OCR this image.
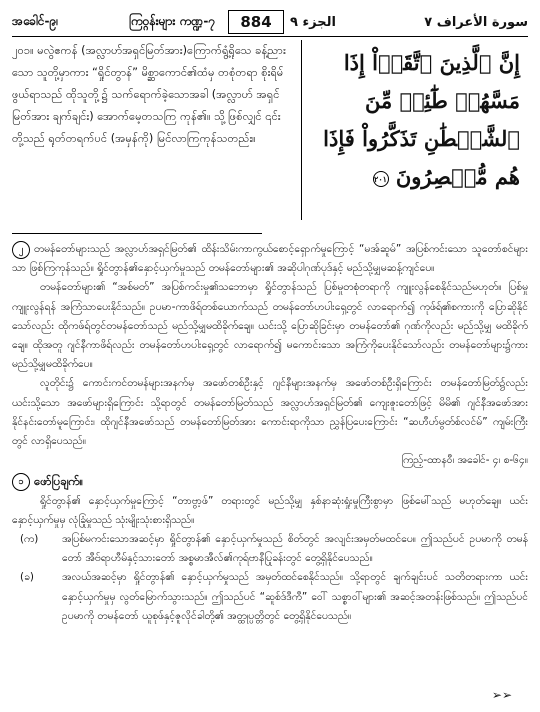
အခေါင်-၉၊	ကြဝ္ဂန်းများ ကဏ္ဍ-၇	884	سورة الأعراف ٧
الجزء ٩

၂၀၁။ မလွဲဧကန် (အလ္လာဟ်အရှင်မြတ်အား)ကြောက်ရွံ့ရိုသေ ခန့်ညားသော သူတို့မှာကား “ရှိုင်တွာန်” မိစ္ဆာကောင်၏ထံမှ တစုံတရာ စိုးရိမ်ဖွယ်ရာသည် ထိုသူတို့၌ သက်ရောက်ခဲ့သောအခါ (အလ္လာဟ် အရှင်မြတ်အား ချက်ချင်း) အောက်မေ့တသကြ ကုန်၏။ သို့ဖြစ်လျှင် ၎င်းတို့သည် ရုတ်တရက်ပင် (အမှန်ကို) မြင်လာကြကုန်သတည်း။

إِنَّ ٱلَّذِينَ ٱتَّقَوۡاْ إِذَا مَسَّهُمۡ طَٰٓئِفٞ مِّنَ ٱلشَّيۡطَٰنِ تَذَكَّرُواْ فَإِذَا هُم مُّبۡصِرُونَ ٢٠١

၂ တမန်တော်များသည် အလ္လာဟ်အရှင်မြတ်၏ ထိန်းသိမ်းကာကွယ်စောင့်ရှောက်မှုကြောင့် “မအ်ဆူမ်” အပြစ်ကင်းသော သူတော်စင်များသာ ဖြစ်ကြကုန်သည်။ ရှိုင်တွာန်၏နှောင့်ယှက်မှုသည် တမန်တော်များ၏ အဆိုပါဂုဏ်ပုဒ်နှင့် မည်သို့မျှမဆန့်ကျင်ပေ။

တမန်တော်များ၏ “အစ်မတ်” အပြစ်ကင်းမှု၏သဘောမှာ ရှိုင်တွာန်သည် ပြစ်မှုတစုံတရာကို ကျူးလွန်စေနိုင်သည်မဟုတ်။ ပြစ်မှုကျူးလွန်ရန် အကြံသာပေးနိုင်သည်။ ဥပမာ-ကာဖိရ်တစ်ယောက်သည် တမန်တော်ဟပါးရှေ့တွင် လာရောက်၍ ကုဖ်ရ်၏စကားကို ပြောဆိုနိုင်သော်လည်း ထိုကဖ်ရ်တွင်တမန်တော်သည် မည်သို့မျှမထိခိုက်ချေ။ ယင်းသို့ ပြောဆိုခြင်းမှာ တမန်တော်၏ ဂုဏ်ကိုလည်း မည်သို့မျှ မထိခိုက်ချေ။ ထိုအတူ ဂျင်နီကာဖိရ်လည်း တမန်တော်ဟပါးရှေ့တွင် လာရောက်၍ မကောင်းသော အကြံကိုပေးနိုင်သော်လည်း တမန်တော်များ၌ကား မည်သို့မျှမထိခိုက်ပေ။

လူတိုင်း၌ ကောင်းကင်တမန်များအနက်မှ အဖော်တစ်ဦးနှင့် ဂျင်နီများအနက်မှ အဖော်တစ်ဦးရှိကြောင်း တမန်တော်မြတ်၌လည်း ယင်းသို့သော အဖော်များရှိကြောင်း သို့ရာတွင် တမန်တော်မြတ်သည် အလ္လာဟ်အရှင်မြတ်၏ ကျေးဇူးတော်ဖြင့် မိမိ၏ ဂျင်နီအဖော်အား နိုင်နင်းတော်မူကြောင်း၊ ထိုဂျင်နီအဖော်သည် တမန်တော်မြတ်အား ကောင်းရာကိုသာ ညွှန်ပြပေးကြောင်း “ဆဟီဟ်မွတ်စ်လင်မ်” ကျမ်းကြီးတွင် လာရှိပေသည်။

ကြည့်-ထာနဝီ၊ အခေါင်- ၄၊ စ-၆၄။

၁ ဖော်ပြချက်။

ရှိုင်တွာန်၏ နှောင့်ယှက်မှုကြောင့် “တာဗွာ့ဖ်” တရားတွင် မည်သို့မျှ နှစ်နာဆုံးရှုံးမှုကြီးစွာမှာ ဖြစ်မေါ်သည် မဟုတ်ချေ။ ယင်းနှောင့်ယှက်မှုမှ လုံခြုံမှုသည် သုံးမျိုးသုံးစားရှိသည်။

(က)	အပြစ်မကင်းသောအဆင့်မှာ ရှိုင်တွာန်၏ နှောင့်ယှက်မှုသည် စိတ်တွင် အလျင်းအမှတ်မထင်ပေ။ ဤသည်ပင် ဥပမာကို တမန်တော် အီဗ်ရာဟီမ်နှင့်သားတော် အစ္စမာအီလ်၏ကုရ်ဗာနီပြုခန်းတွင် တွေ့ရှိနိုင်ပေသည်။
(ခ)	အလယ်အဆင့်မှာ ရှိုင်တွာန်၏ နှောင့်ယှက်မှုသည် အမှတ်ထင်စေနိုင်သည်။ သို့ရာတွင် ချက်ချင်းပင် သတိတရားကာ ယင်းနှောင့်ယှက်မှုမှ လွတ်မြောက်သွားသည်။ ဤသည်ပင် “ဆူစ်ဒ်ဒီကီ” ဝေါ် သစ္စာဝါ်များ၏ အဆင့်အတန်းဖြစ်သည်။ ဤသည်ပင် ဥပမာကို တမန်တော် ယူစုဖ်နှင့်ဇူလိုင်ခါတို့၏ အတ္ထုပ္ပတ္တိတွင် တွေ့ရှိနိုင်ပေသည်။
➢➢
